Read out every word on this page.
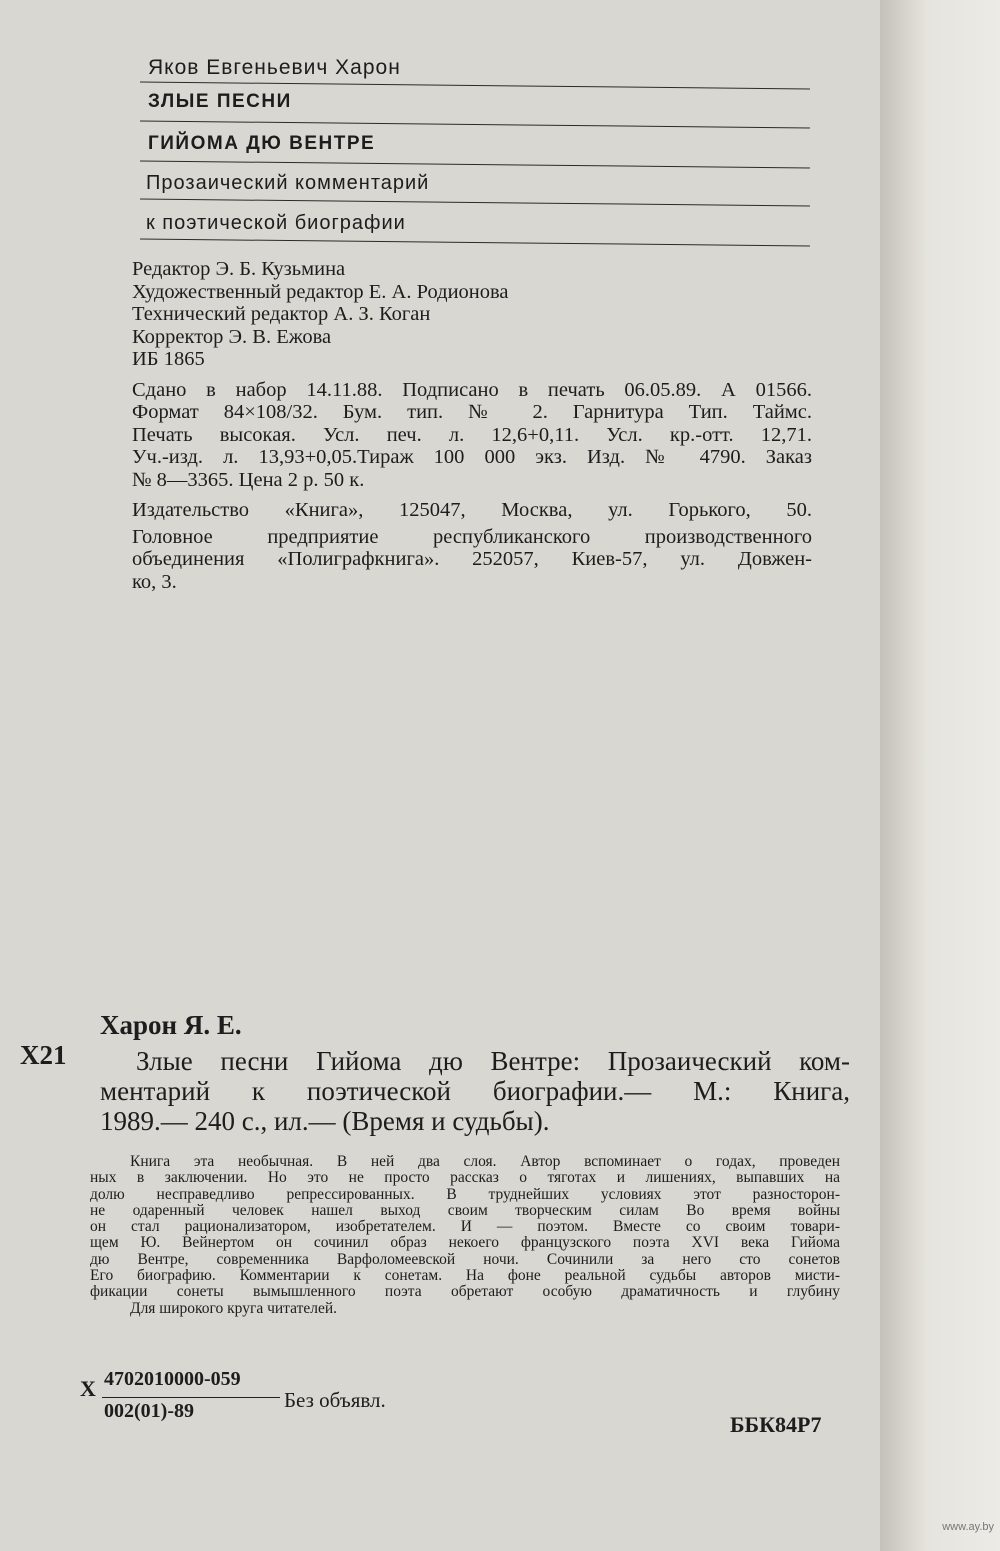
Яков Евгеньевич Харон
ЗЛЫЕ ПЕСНИ
ГИЙОМА ДЮ ВЕНТРЕ
Прозаический комментарий
к поэтической биографии
Редактор Э. Б. Кузьмина
Художественный редактор Е. А. Родионова
Технический редактор А. З. Коган
Корректор Э. В. Ежова
ИБ 1865
Сдано в набор 14.11.88. Подписано в печать 06.05.89. А 01566.
Формат 84×108/32. Бум. тип. № 2. Гарнитура Тип. Таймс.
Печать высокая. Усл. печ. л. 12,6+0,11. Усл. кр.-отт. 12,71.
Уч.-изд. л. 13,93+0,05.Тираж 100 000 экз. Изд. № 4790. Заказ
№ 8—3365. Цена 2 р. 50 к.
Издательство «Книга», 125047, Москва, ул. Горького, 50.
Головное предприятие республиканского производственного
объединения «Полиграфкнига». 252057, Киев-57, ул. Довжен-
ко, 3.
Харон Я. Е.
Х21	Злые песни Гийома дю Вентре: Прозаический ком-
ментарий к поэтической биографии.— М.: Книга,
1989.— 240 с., ил.— (Время и судьбы).
Книга эта необычная. В ней два слоя. Автор вспоминает о годах, проведен
ных в заключении. Но это не просто рассказ о тяготах и лишениях, выпавших на
долю несправедливо репрессированных. В труднейших условиях этот разносторон-
не одаренный человек нашел выход своим творческим силам Во время войны
он стал рационализатором, изобретателем. И — поэтом. Вместе со своим товари-
щем Ю. Вейнертом он сочинил образ некоего французского поэта XVI века Гийома
дю Вентре, современника Варфоломеевской ночи. Сочинили за него сто сонетов
Его биографию. Комментарии к сонетам. На фоне реальной судьбы авторов мисти-
фикации сонеты вымышленного поэта обретают особую драматичность и глубину
Для широкого круга читателей.
Х 4702010000-059
002(01)-89	Без объявл.
ББК84Р7
www.ay.by
